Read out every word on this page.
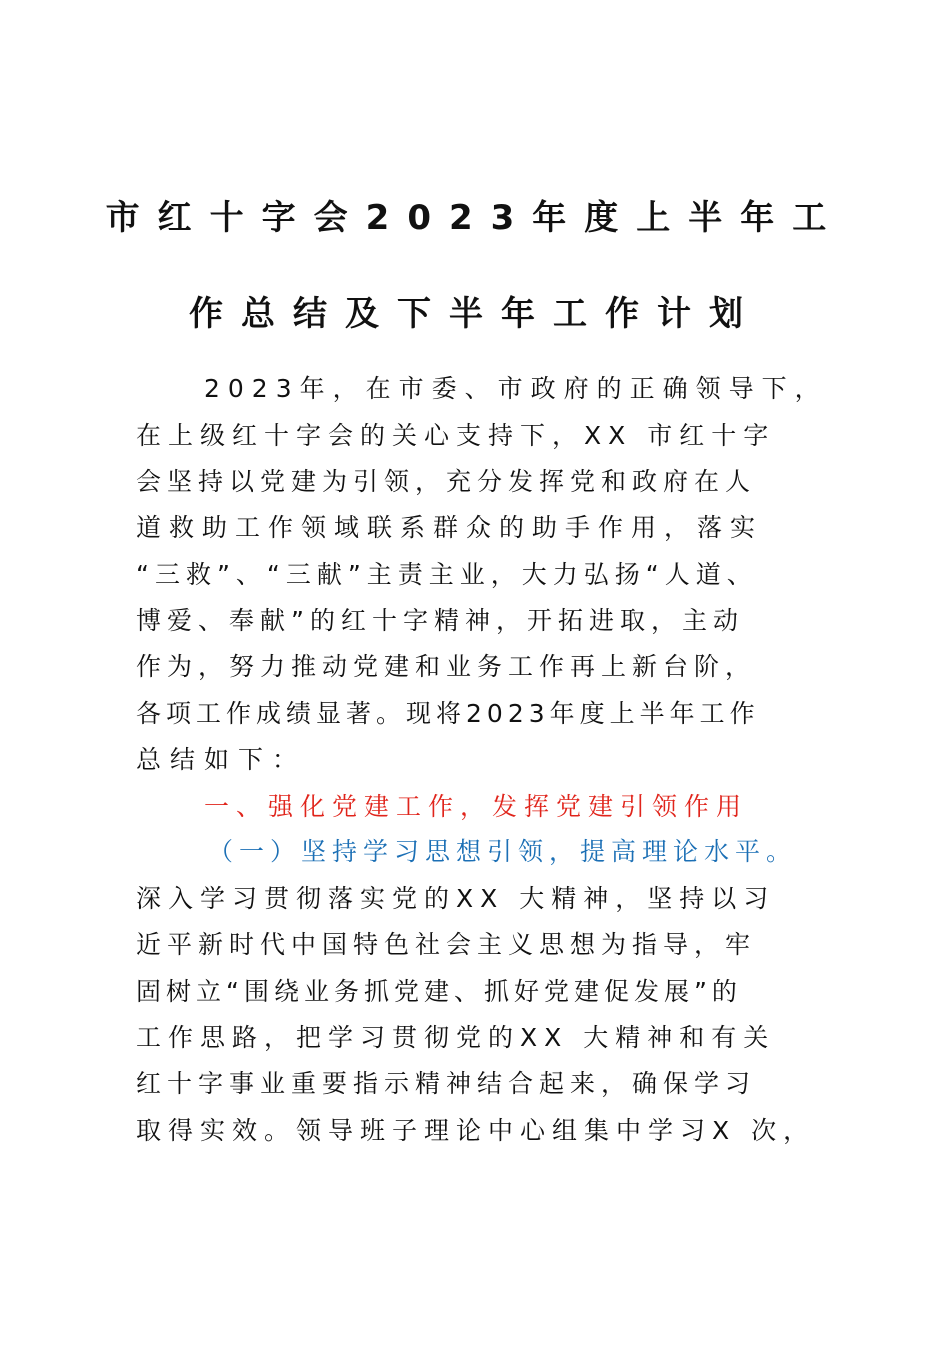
市红十字会2023年度上半年工
作总结及下半年工作计划
2023年，在市委、市政府的正确领导下，
在上级红十字会的关心支持下，XX 市红十字
会坚持以党建为引领，充分发挥党和政府在人
道救助工作领域联系群众的助手作用，落实
“三救”、“三献”主责主业，大力弘扬“人道、
博爱、奉献”的红十字精神，开拓进取，主动
作为，努力推动党建和业务工作再上新台阶，
各项工作成绩显著。现将2023年度上半年工作
总结如下：
一、强化党建工作，发挥党建引领作用
（一）坚持学习思想引领，提高理论水平。
深入学习贯彻落实党的XX 大精神，坚持以习
近平新时代中国特色社会主义思想为指导，牢
固树立“围绕业务抓党建、抓好党建促发展”的
工作思路，把学习贯彻党的XX 大精神和有关
红十字事业重要指示精神结合起来，确保学习
取得实效。领导班子理论中心组集中学习X 次，
